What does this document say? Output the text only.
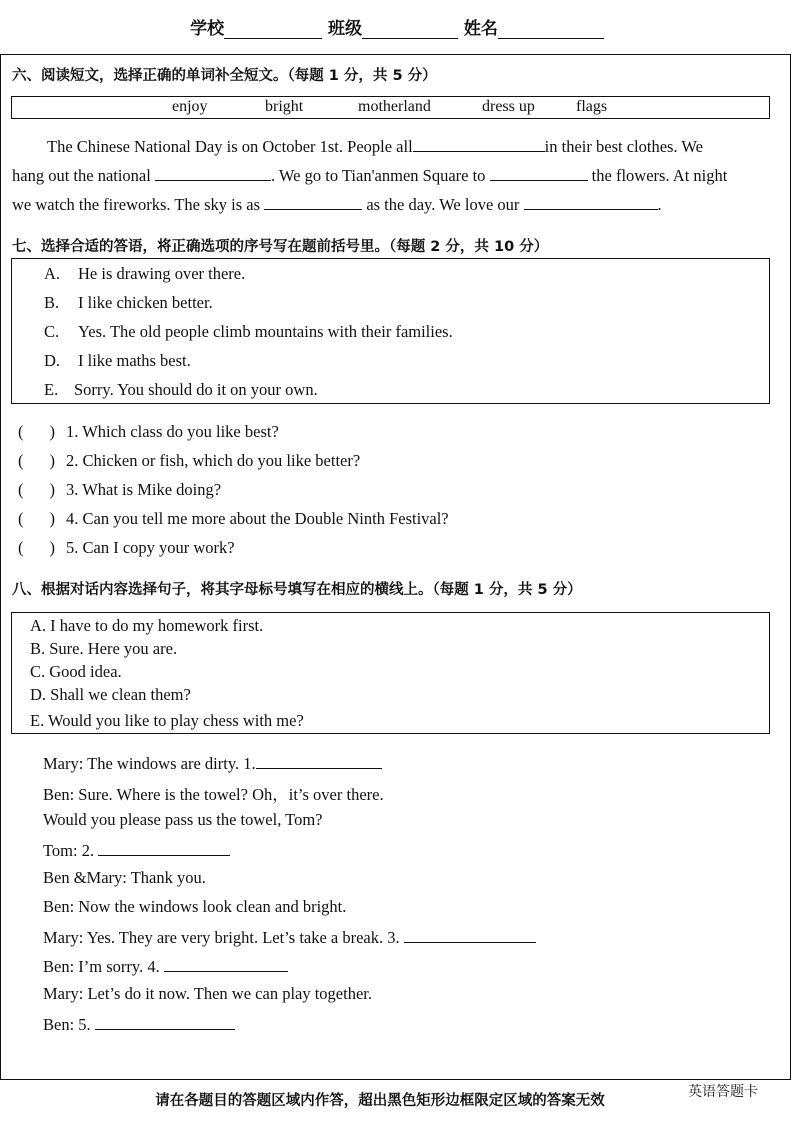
学校	班级	姓名
六、阅读短文，选择正确的单词补全短文。（每题 1 分，共 5 分）
enjoy	bright	motherland	dress up	flags
The Chinese National Day is on October 1st. People all	in their best clothes. We
hang out the national	. We go to Tian'anmen Square to	the flowers. At night
we watch the fireworks. The sky is as	as the day. We love our	.
七、选择合适的答语，将正确选项的序号写在题前括号里。（每题 2 分，共 10 分）
A. He is drawing over there.
B. I like chicken better.
C. Yes. The old people climb mountains with their families.
D. I like maths best.
E. Sorry. You should do it on your own.
( ) 1. Which class do you like best?
( ) 2. Chicken or fish, which do you like better?
( ) 3. What is Mike doing?
( ) 4. Can you tell me more about the Double Ninth Festival?
( ) 5. Can I copy your work?
八、根据对话内容选择句子，将其字母标号填写在相应的横线上。（每题 1 分，共 5 分）
A. I have to do my homework first.
B. Sure. Here you are.
C. Good idea.
D. Shall we clean them?
E. Would you like to play chess with me?
Mary: The windows are dirty. 1.
Ben: Sure. Where is the towel? Oh，it’s over there.
Would you please pass us the towel, Tom?
Tom: 2.
Ben &Mary: Thank you.
Ben: Now the windows look clean and bright.
Mary: Yes. They are very bright. Let’s take a break. 3.
Ben: I’m sorry. 4.
Mary: Let’s do it now. Then we can play together.
Ben: 5.
请在各题目的答题区域内作答，超出黑色矩形边框限定区域的答案无效
英语答题卡
